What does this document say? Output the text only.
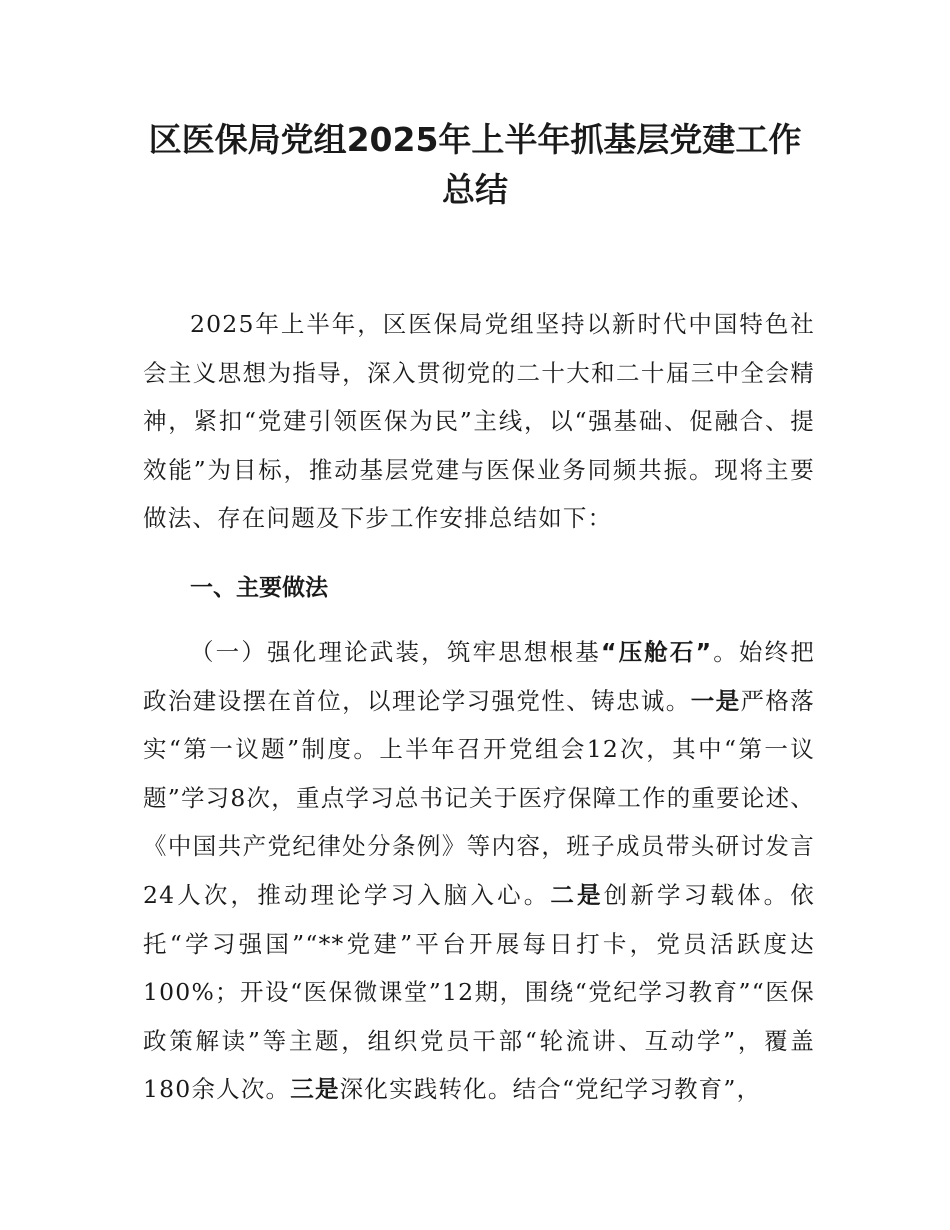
区医保局党组2025年上半年抓基层党建工作
总结

2025年上半年，区医保局党组坚持以新时代中国特色社会主义思想为指导，深入贯彻党的二十大和二十届三中全会精神，紧扣“党建引领医保为民”主线，以“强基础、促融合、提效能”为目标，推动基层党建与医保业务同频共振。现将主要做法、存在问题及下步工作安排总结如下：

一、主要做法

（一）强化理论武装，筑牢思想根基“压舱石”。始终把政治建设摆在首位，以理论学习强党性、铸忠诚。一是严格落实“第一议题”制度。上半年召开党组会12次，其中“第一议题”学习8次，重点学习总书记关于医疗保障工作的重要论述、《中国共产党纪律处分条例》等内容，班子成员带头研讨发言24人次，推动理论学习入脑入心。二是创新学习载体。依托“学习强国”“**党建”平台开展每日打卡，党员活跃度达100%；开设“医保微课堂”12期，围绕“党纪学习教育”“医保政策解读”等主题，组织党员干部“轮流讲、互动学”，覆盖180余人次。三是深化实践转化。结合“党纪学习教育”，
